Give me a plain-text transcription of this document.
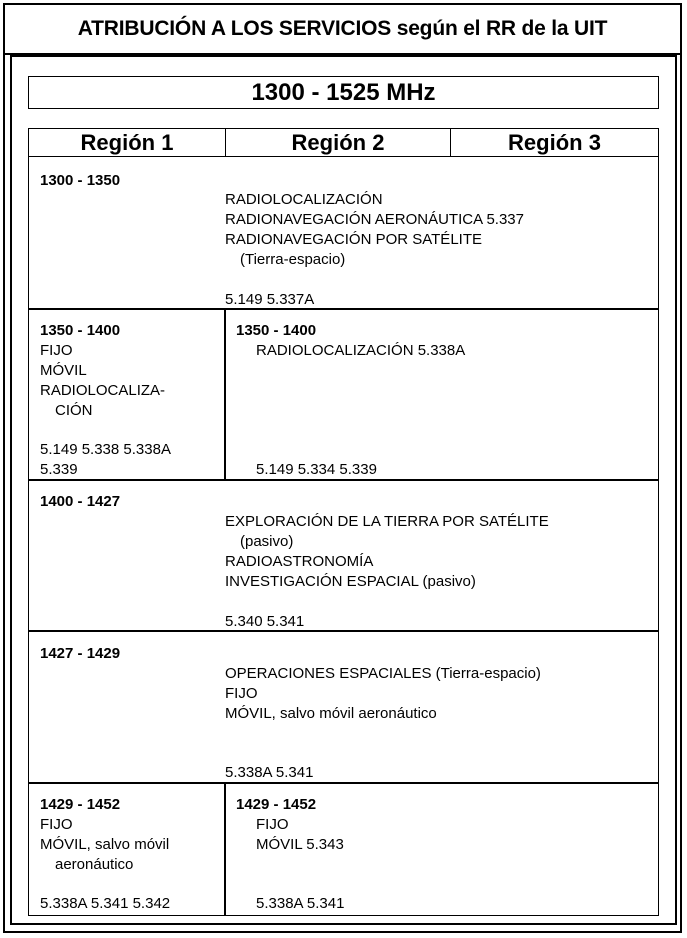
ATRIBUCIÓN A LOS SERVICIOS según el RR de la UIT
1300 - 1525 MHz
Región 1	Región 2	Región 3
1300 - 1350
RADIOLOCALIZACIÓN
RADIONAVEGACIÓN AERONÁUTICA 5.337
RADIONAVEGACIÓN POR SATÉLITE
(Tierra-espacio)
5.149 5.337A
1350 - 1400
FIJO
MÓVIL
RADIOLOCALIZA-
CIÓN
5.149 5.338 5.338A
5.339
1350 - 1400
RADIOLOCALIZACIÓN 5.338A
5.149 5.334 5.339
1400 - 1427
EXPLORACIÓN DE LA TIERRA POR SATÉLITE
(pasivo)
RADIOASTRONOMÍA
INVESTIGACIÓN ESPACIAL (pasivo)
5.340 5.341
1427 - 1429
OPERACIONES ESPACIALES (Tierra-espacio)
FIJO
MÓVIL, salvo móvil aeronáutico
5.338A 5.341
1429 - 1452
FIJO
MÓVIL, salvo móvil
aeronáutico
5.338A 5.341 5.342
1429 - 1452
FIJO
MÓVIL 5.343
5.338A 5.341
